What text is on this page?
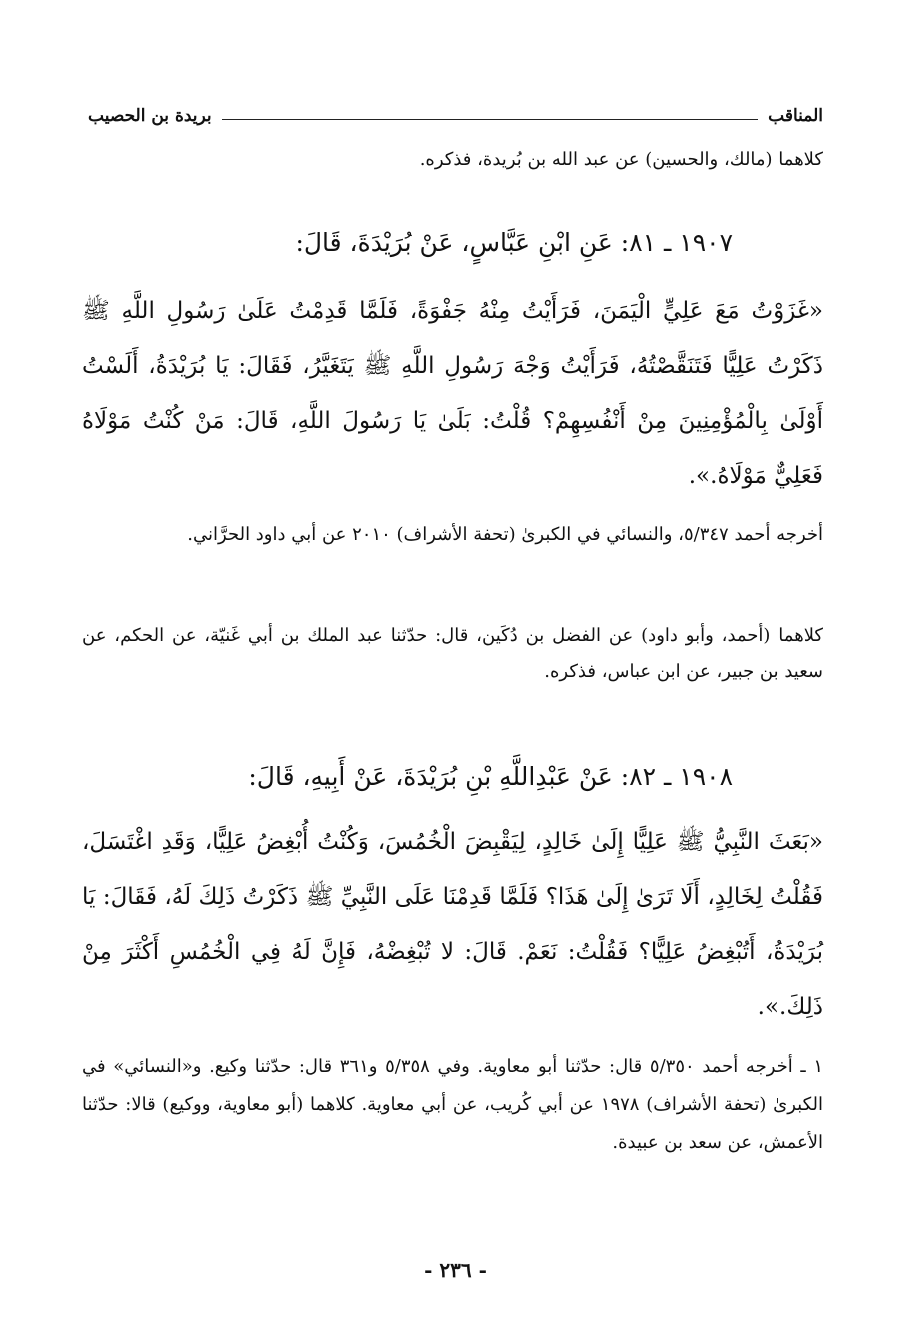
المناقب
بريدة بن الحصيب
كلاهما (مالك، والحسين) عن عبد الله بن بُريدة، فذكره.
١٩٠٧ ـ ٨١: عَنِ ابْنِ عَبَّاسٍ، عَنْ بُرَيْدَةَ، قَالَ:
«غَزَوْتُ مَعَ عَلِيٍّ الْيَمَنَ، فَرَأَيْتُ مِنْهُ جَفْوَةً، فَلَمَّا قَدِمْتُ عَلَىٰ رَسُولِ اللَّهِ ﷺ ذَكَرْتُ عَلِيًّا فَتَنَقَّصْتُهُ، فَرَأَيْتُ وَجْهَ رَسُولِ اللَّهِ ﷺ يَتَغَيَّرُ، فَقَالَ: يَا بُرَيْدَةُ، أَلَسْتُ أَوْلَىٰ بِالْمُؤْمِنِينَ مِنْ أَنْفُسِهِمْ؟ قُلْتُ: بَلَىٰ يَا رَسُولَ اللَّهِ، قَالَ: مَنْ كُنْتُ مَوْلَاهُ فَعَلِيٌّ مَوْلَاهُ.».
أخرجه أحمد ٥/٣٤٧، والنسائي في الكبرىٰ (تحفة الأشراف) ٢٠١٠ عن أبي داود الحرَّاني.
كلاهما (أحمد، وأبو داود) عن الفضل بن دُكَين، قال: حدّثنا عبد الملك بن أبي غَنيّة، عن الحكم، عن سعيد بن جبير، عن ابن عباس، فذكره.
١٩٠٨ ـ ٨٢: عَنْ عَبْدِاللَّهِ بْنِ بُرَيْدَةَ، عَنْ أَبِيهِ، قَالَ:
«بَعَثَ النَّبِيُّ ﷺ عَلِيًّا إِلَىٰ خَالِدٍ، لِيَقْبِضَ الْخُمُسَ، وَكُنْتُ أُبْغِضُ عَلِيًّا، وَقَدِ اغْتَسَلَ، فَقُلْتُ لِخَالِدٍ، أَلَا تَرَىٰ إِلَىٰ هَذَا؟ فَلَمَّا قَدِمْنَا عَلَى النَّبِيِّ ﷺ ذَكَرْتُ ذَلِكَ لَهُ، فَقَالَ: يَا بُرَيْدَةُ، أَتُبْغِضُ عَلِيًّا؟ فَقُلْتُ: نَعَمْ. قَالَ: لا تُبْغِضْهُ، فَإِنَّ لَهُ فِي الْخُمُسِ أَكْثَرَ مِنْ ذَلِكَ.».
١ ـ أخرجه أحمد ٥/٣٥٠ قال: حدّثنا أبو معاوية. وفي ٥/٣٥٨ و٣٦١ قال: حدّثنا وكيع. و«النسائي» في الكبرىٰ (تحفة الأشراف) ١٩٧٨ عن أبي كُريب، عن أبي معاوية. كلاهما (أبو معاوية، ووكيع) قالا: حدّثنا الأعمش، عن سعد بن عبيدة.
- ٢٣٦ -
